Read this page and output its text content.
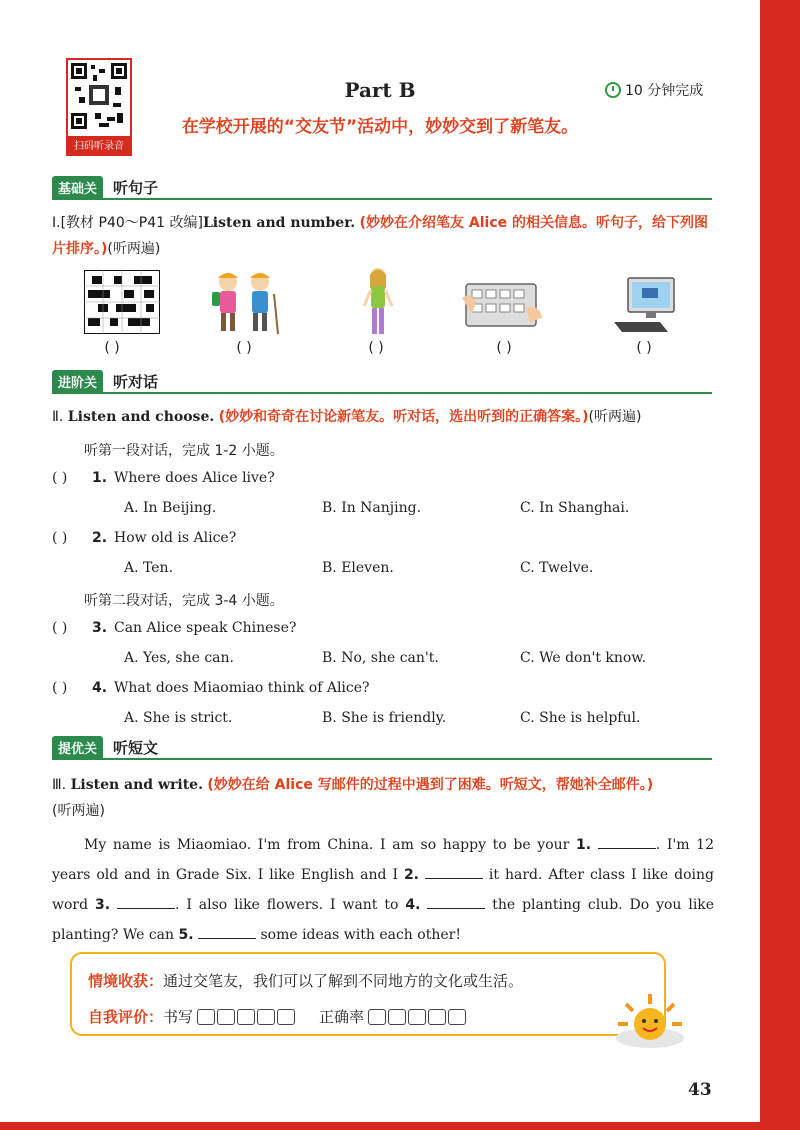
扫码听录音
Part B	10 分钟完成
在学校开展的“交友节”活动中，妙妙交到了新笔友。
基础关	听句子
Ⅰ.[教材 P40～P41 改编]Listen and number. (妙妙在介绍笔友 Alice 的相关信息。听句子，给下列图片排序。)(听两遍)
( )	( )	( )	( )	( )
进阶关	听对话
Ⅱ. Listen and choose. (妙妙和奇奇在讨论新笔友。听对话，选出听到的正确答案。)(听两遍)
听第一段对话，完成 1-2 小题。
( )	1. Where does Alice live?
A. In Beijing.	B. In Nanjing.	C. In Shanghai.
( )	2. How old is Alice?
A. Ten.	B. Eleven.	C. Twelve.
听第二段对话，完成 3-4 小题。
( )	3. Can Alice speak Chinese?
A. Yes, she can.	B. No, she can't.	C. We don't know.
( )	4. What does Miaomiao think of Alice?
A. She is strict.	B. She is friendly.	C. She is helpful.
提优关	听短文
Ⅲ. Listen and write. (妙妙在给 Alice 写邮件的过程中遇到了困难。听短文，帮她补全邮件。)
(听两遍)
My name is Miaomiao. I'm from China. I am so happy to be your 1.	. I'm 12 years old and in Grade Six. I like English and I 2.	it hard. After class I like doing word 3.	. I also like flowers. I want to 4.	the planting club. Do you like planting? We can 5.	some ideas with each other!
情境收获：通过交笔友，我们可以了解到不同地方的文化或生活。
自我评价： 书写	正确率
43
